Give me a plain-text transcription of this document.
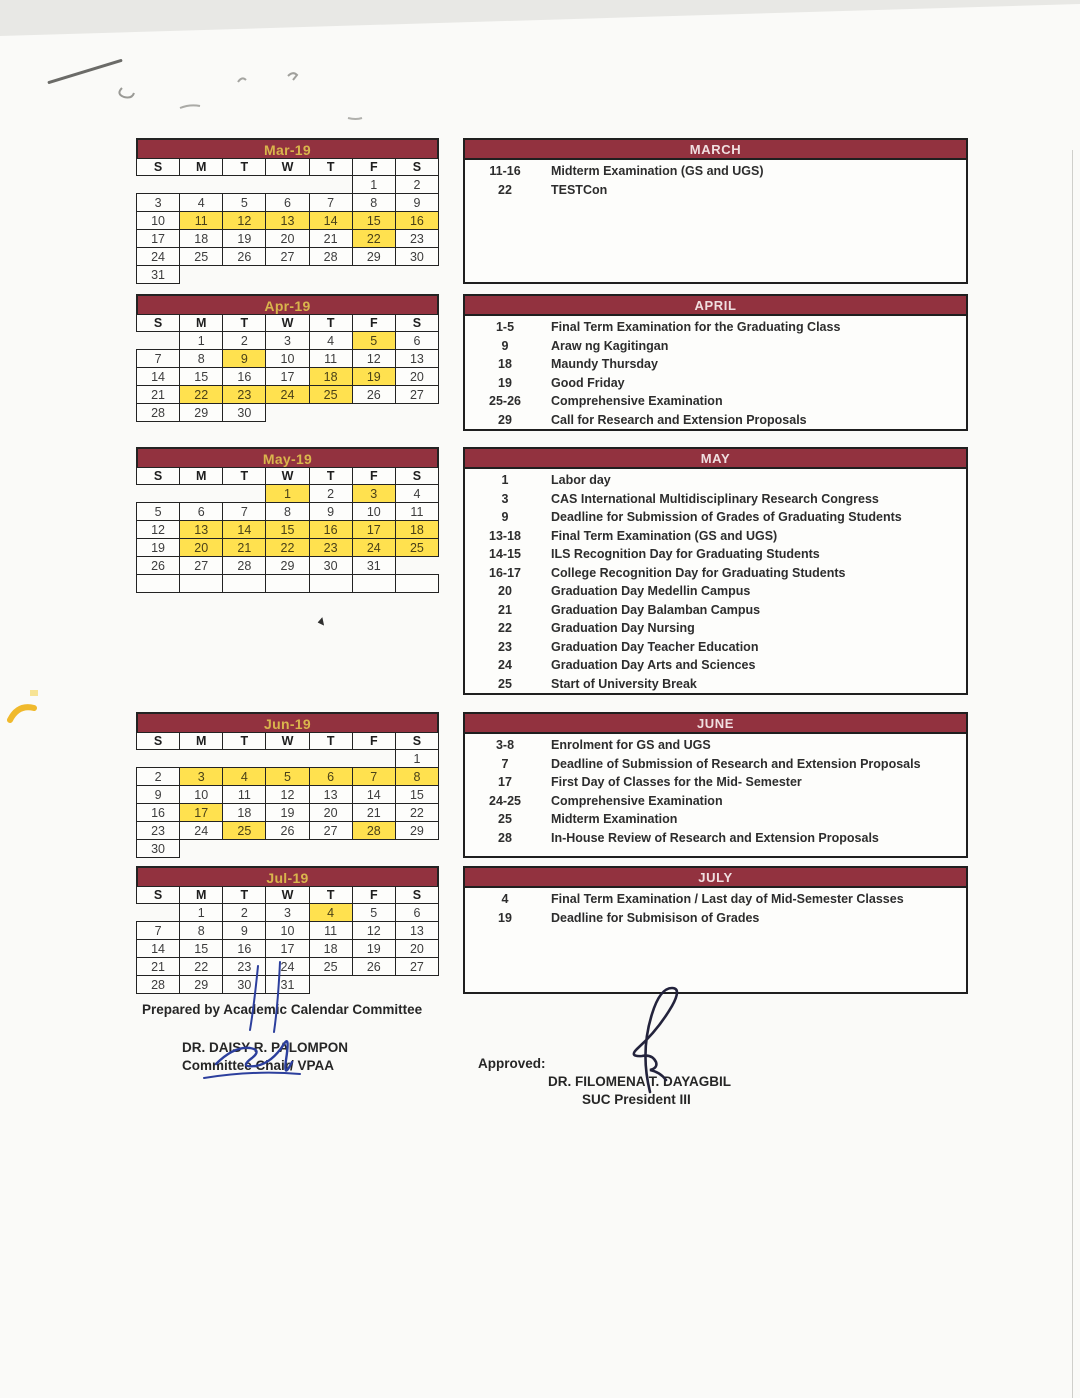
Mar-19
S	M	T	W	T	F	S
					1	2
3	4	5	6	7	8	9
10	11	12	13	14	15	16
17	18	19	20	21	22	23
24	25	26	27	28	29	30
31						
MARCH
11-16	Midterm Examination (GS and UGS)
22	TESTCon
Apr-19
S	M	T	W	T	F	S
	1	2	3	4	5	6
7	8	9	10	11	12	13
14	15	16	17	18	19	20
21	22	23	24	25	26	27
28	29	30				
APRIL
1-5	Final Term Examination for the Graduating Class
9	Araw ng Kagitingan
18	Maundy Thursday
19	Good Friday
25-26	Comprehensive Examination
29	Call for Research and Extension Proposals
May-19
S	M	T	W	T	F	S
			1	2	3	4
5	6	7	8	9	10	11
12	13	14	15	16	17	18
19	20	21	22	23	24	25
26	27	28	29	30	31	

MAY
1	Labor day
3	CAS International Multidisciplinary Research Congress
9	Deadline for Submission of Grades of Graduating Students
13-18	Final Term Examination (GS and UGS)
14-15	ILS Recognition Day for Graduating Students
16-17	College Recognition Day for Graduating Students
20	Graduation Day Medellin Campus
21	Graduation Day Balamban Campus
22	Graduation Day Nursing
23	Graduation Day Teacher Education
24	Graduation Day Arts and Sciences
25	Start of University Break
Jun-19
S	M	T	W	T	F	S
						1
2	3	4	5	6	7	8
9	10	11	12	13	14	15
16	17	18	19	20	21	22
23	24	25	26	27	28	29
30						
JUNE
3-8	Enrolment for GS and UGS
7	Deadline of Submission of Research and Extension Proposals
17	First Day of Classes for the Mid- Semester
24-25	Comprehensive Examination
25	Midterm Examination
28	In-House Review of Research and Extension Proposals
Jul-19
S	M	T	W	T	F	S
	1	2	3	4	5	6
7	8	9	10	11	12	13
14	15	16	17	18	19	20
21	22	23	24	25	26	27
28	29	30	31			
JULY
4	Final Term Examination / Last day of Mid-Semester Classes
19	Deadline for Submisison of Grades
Prepared by Academic Calendar Committee
DR. DAISY R. PALOMPON
Committee Chair/ VPAA	Approved:
DR. FILOMENA T. DAYAGBIL
SUC President III
